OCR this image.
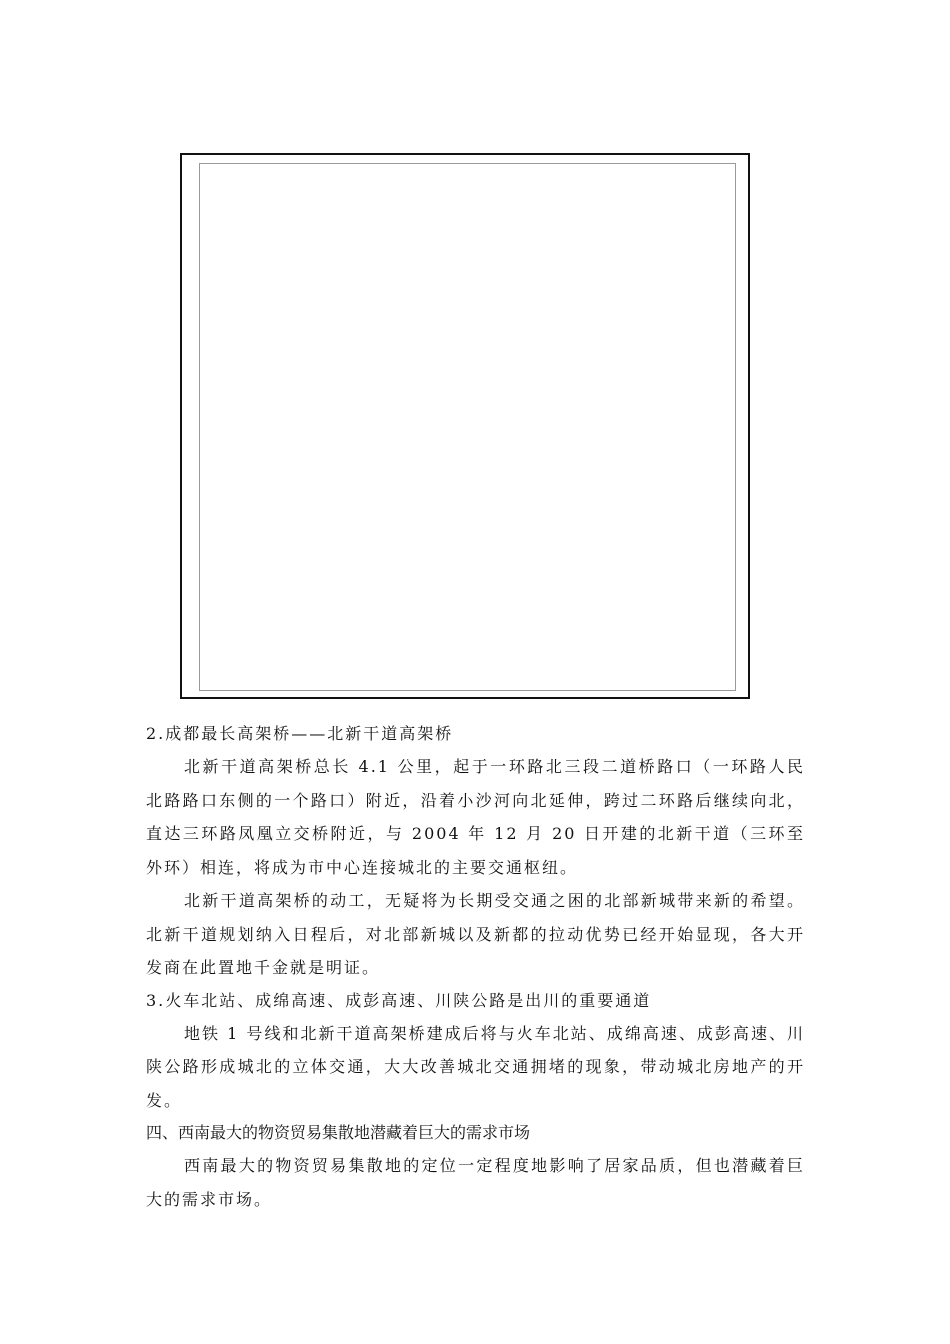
2.成都最长高架桥——北新干道高架桥

北新干道高架桥总长 4.1 公里，起于一环路北三段二道桥路口（一环路人民北路路口东侧的一个路口）附近，沿着小沙河向北延伸，跨过二环路后继续向北，直达三环路凤凰立交桥附近，与 2004 年 12 月 20 日开建的北新干道（三环至外环）相连，将成为市中心连接城北的主要交通枢纽。

北新干道高架桥的动工，无疑将为长期受交通之困的北部新城带来新的希望。北新干道规划纳入日程后，对北部新城以及新都的拉动优势已经开始显现，各大开发商在此置地千金就是明证。

3.火车北站、成绵高速、成彭高速、川陕公路是出川的重要通道

地铁 1 号线和北新干道高架桥建成后将与火车北站、成绵高速、成彭高速、川陕公路形成城北的立体交通，大大改善城北交通拥堵的现象，带动城北房地产的开发。

四、西南最大的物资贸易集散地潜藏着巨大的需求市场

西南最大的物资贸易集散地的定位一定程度地影响了居家品质，但也潜藏着巨大的需求市场。
